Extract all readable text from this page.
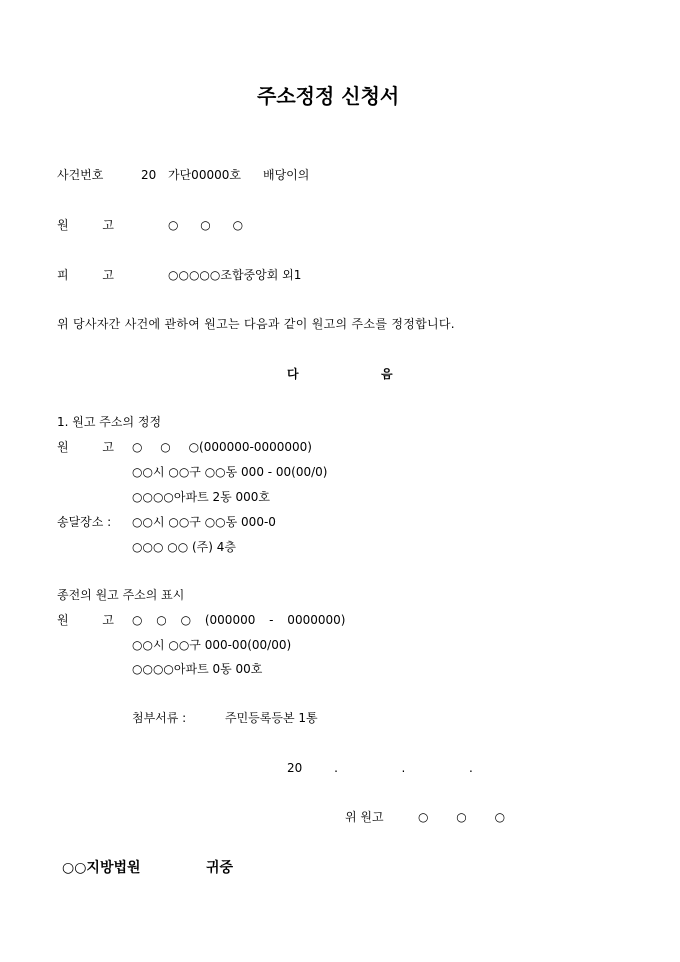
주소정정 신청서
사건번호	20 가단00000호 배당이의
원 고	○ ○ ○
피 고	○○○○○조합중앙회 외1
위 당사자간 사건에 관하여 원고는 다음과 같이 원고의 주소를 정정합니다.
다	음
1. 원고 주소의 정정
원 고 ○ ○ ○(000000-0000000)
○○시 ○○구 ○○동 000 - 00(00/0)
○○○○아파트 2동 000호
송달장소 : ○○시 ○○구 ○○동 000-0
○○○ ○○ (주) 4층
종전의 원고 주소의 표시
원 고 ○ ○ ○ (000000 - 0000000)
○○시 ○○구 000-00(00/00)
○○○○아파트 0동 00호
첨부서류 :	주민등록등본 1통
20 .  .  .
위 원고	○ ○ ○
○○지방법원	귀중
